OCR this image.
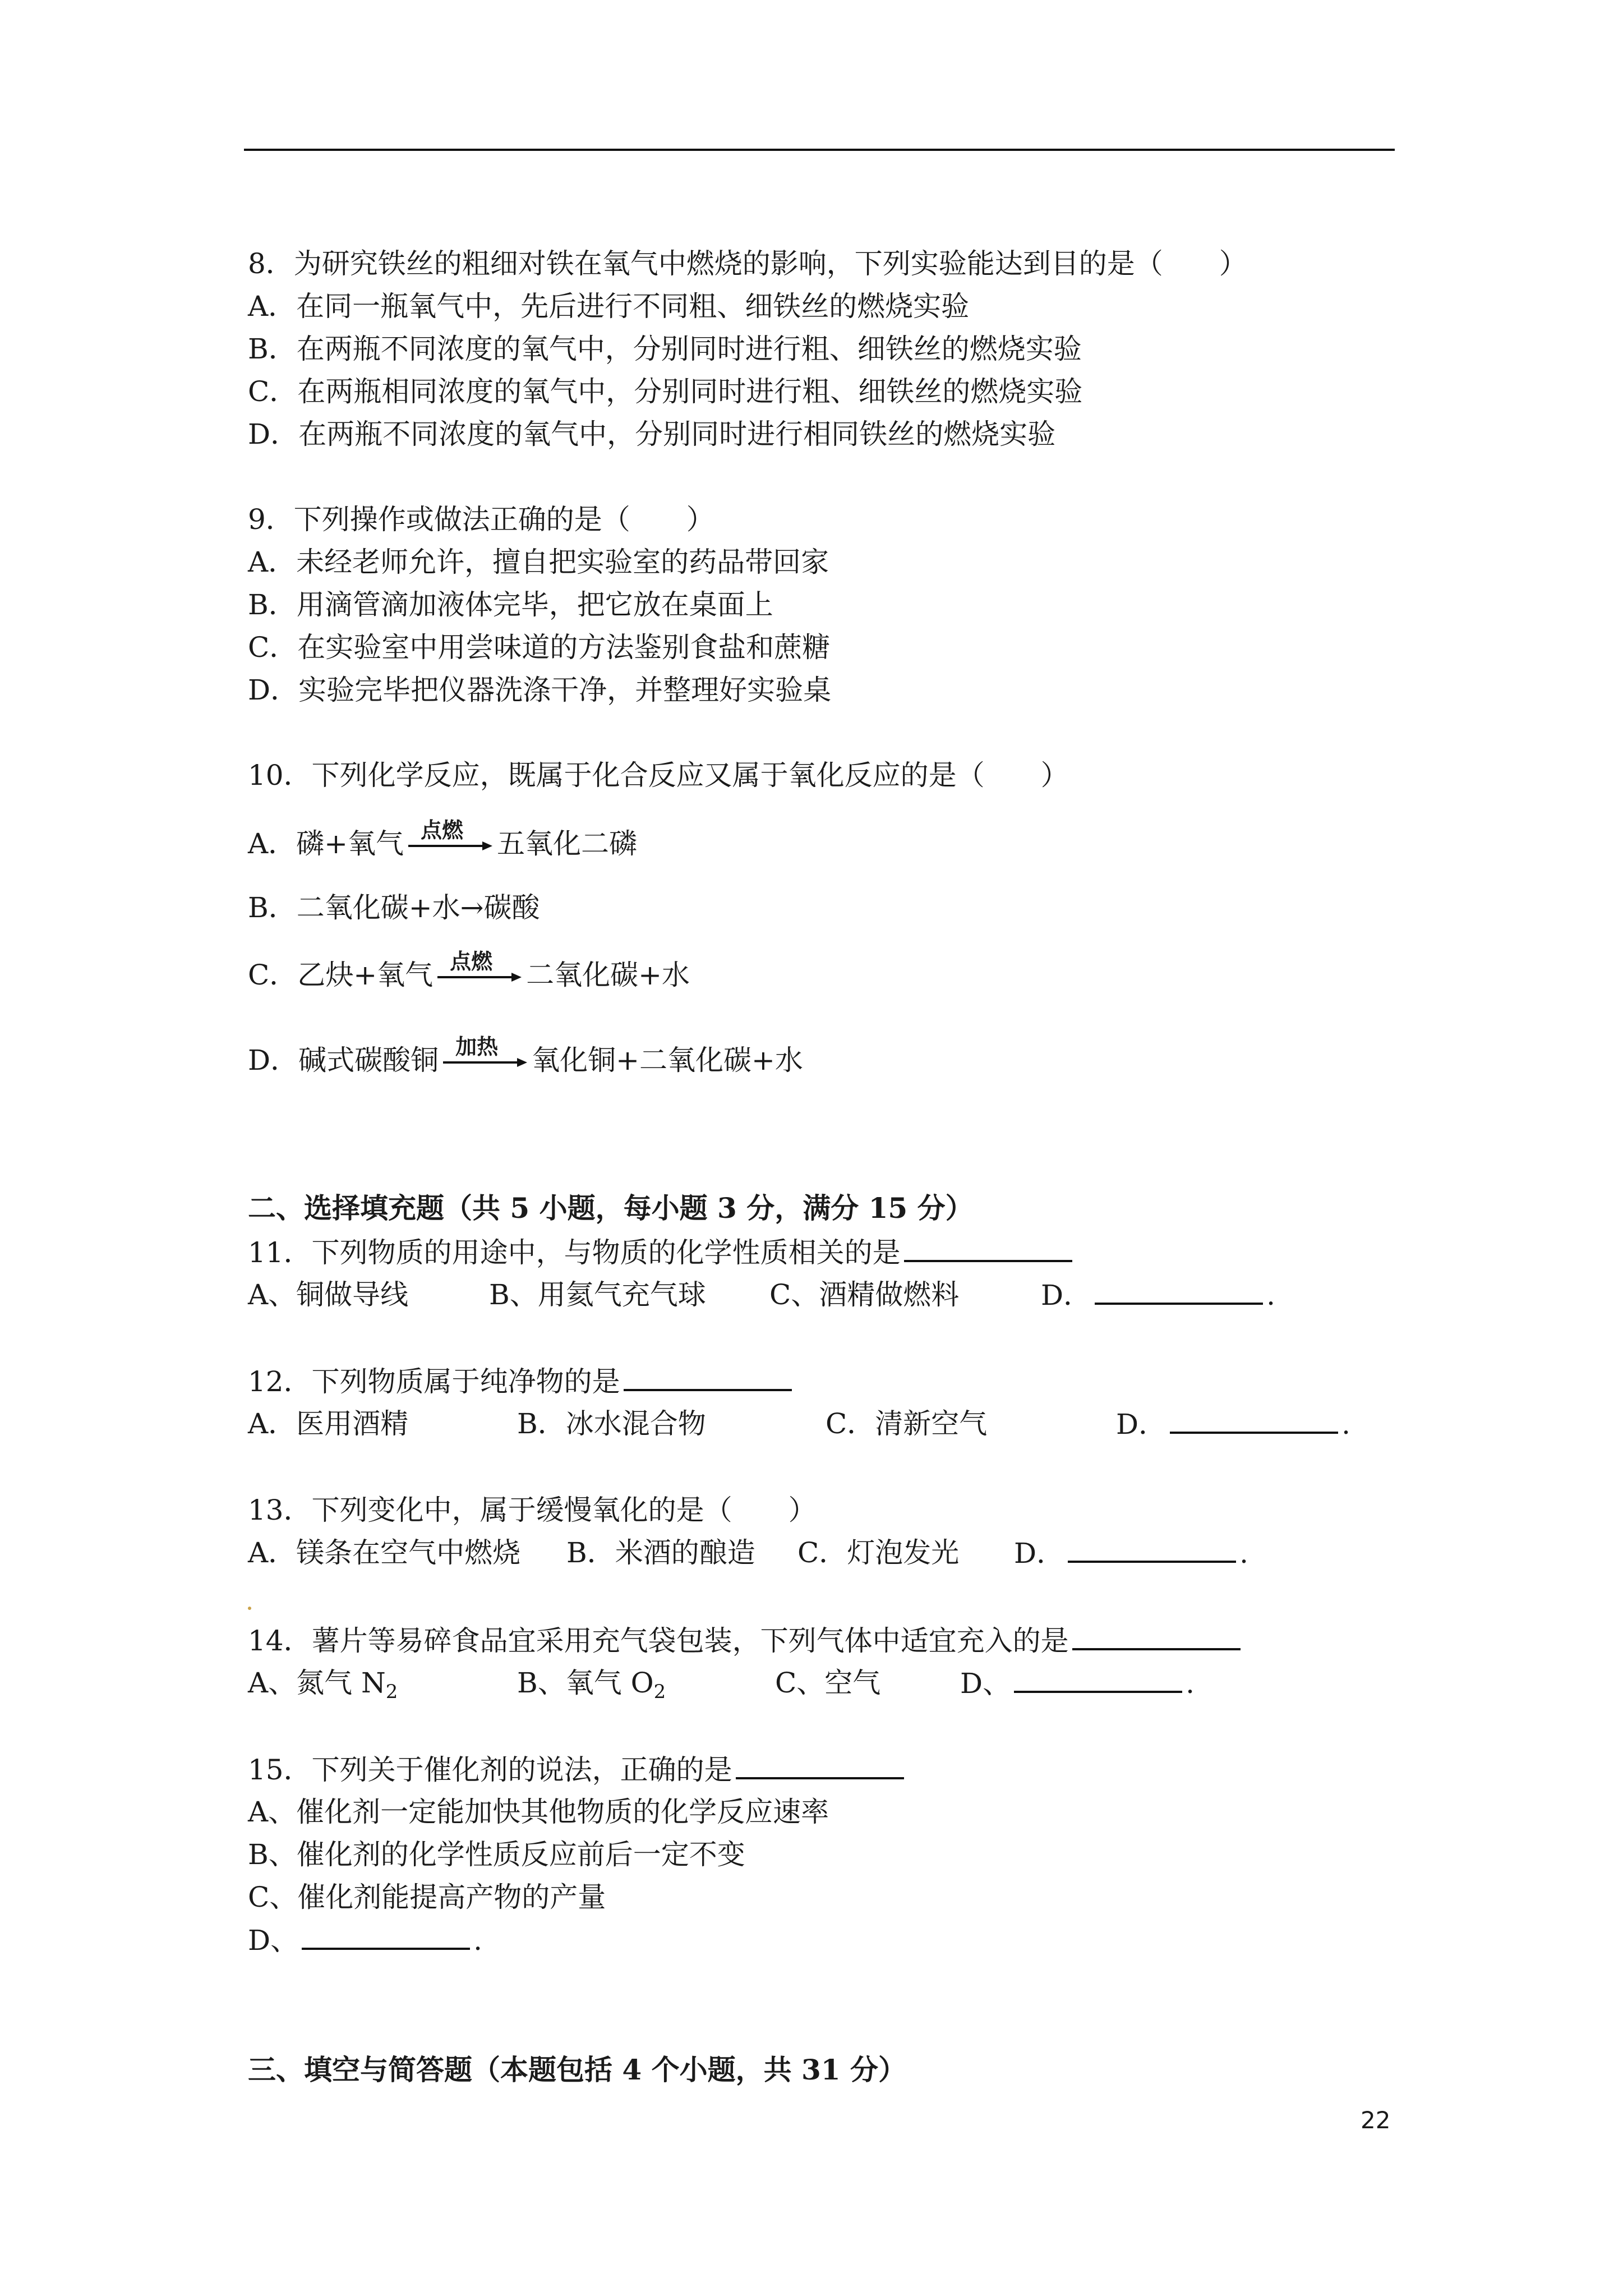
8．为研究铁丝的粗细对铁在氧气中燃烧的影响，下列实验能达到目的是（　　）
A．在同一瓶氧气中，先后进行不同粗、细铁丝的燃烧实验
B．在两瓶不同浓度的氧气中，分别同时进行粗、细铁丝的燃烧实验
C．在两瓶相同浓度的氧气中，分别同时进行粗、细铁丝的燃烧实验
D．在两瓶不同浓度的氧气中，分别同时进行相同铁丝的燃烧实验
9．下列操作或做法正确的是（　　）
A．未经老师允许，擅自把实验室的药品带回家
B．用滴管滴加液体完毕，把它放在桌面上
C．在实验室中用尝味道的方法鉴别食盐和蔗糖
D．实验完毕把仪器洗涤干净，并整理好实验桌
10．下列化学反应，既属于化合反应又属于氧化反应的是（　　）
A．磷+氧气 点燃 五氧化二磷
B．二氧化碳+水→碳酸
C．乙炔+氧气 点燃 二氧化碳+水
D．碱式碳酸铜 加热 氧化铜+二氧化碳+水
二、选择填充题（共 5 小题，每小题 3 分，满分 15 分）
11．下列物质的用途中，与物质的化学性质相关的是
A、铜做导线	B、用氦气充气球 C、酒精做燃料	D．	.
12．下列物质属于纯净物的是
A．医用酒精	B．冰水混合物	C．清新空气	D．	.
13．下列变化中，属于缓慢氧化的是（　　）
A．镁条在空气中燃烧 B．米酒的酿造 C．灯泡发光 D．	.
14．薯片等易碎食品宜采用充气袋包装，下列气体中适宜充入的是
A、氮气 $N_2$	B、氧气 $O_2$	C、空气	D、	.
15．下列关于催化剂的说法，正确的是
A、催化剂一定能加快其他物质的化学反应速率
B、催化剂的化学性质反应前后一定不变
C、催化剂能提高产物的产量
D、	.
三、填空与简答题（本题包括 4 个小题，共 31 分）
22
